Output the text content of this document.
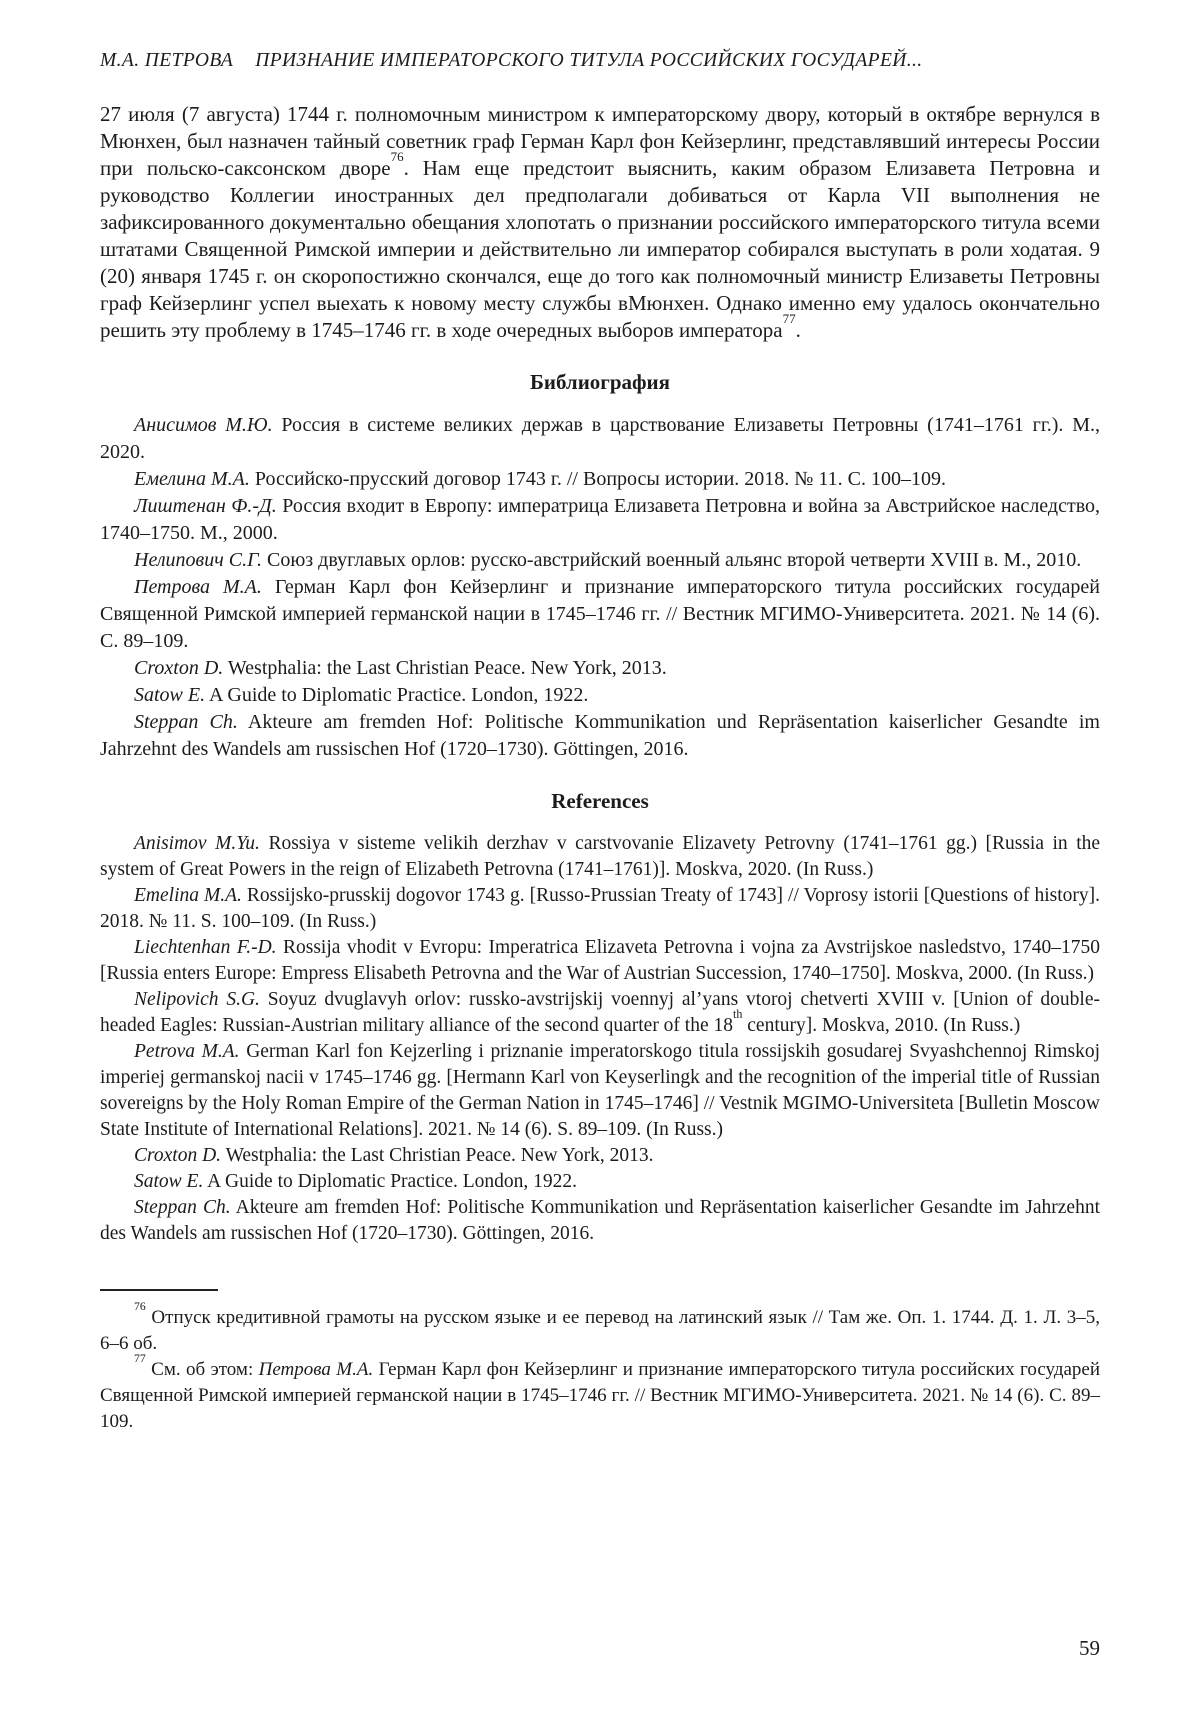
М.А. ПЕТРОВА ПРИЗНАНИЕ ИМПЕРАТОРСКОГО ТИТУЛА РОССИЙСКИХ ГОСУДАРЕЙ...

27 июля (7 августа) 1744 г. полномочным министром к императорскому двору, который в октябре вернулся в Мюнхен, был назначен тайный советник граф Герман Карл фон Кейзерлинг, представлявший интересы России при польско-саксонском дворе$^{76}$. Нам еще предстоит выяснить, каким образом Елизавета Петровна и руководство Коллегии иностранных дел предполагали добиваться от Карла VII выполнения не зафиксированного документально обещания хлопотать о признании российского императорского титула всеми штатами Священной Римской империи и действительно ли император собирался выступать в роли ходатая. 9 (20) января 1745 г. он скоропостижно скончался, еще до того как полномочный министр Елизаветы Петровны граф Кейзерлинг успел выехать к новому месту службы вМюнхен. Однако именно ему удалось окончательно решить эту проблему в 1745–1746 гг. в ходе очередных выборов императора$^{77}$.

Библиография

Анисимов М.Ю. Россия в системе великих держав в царствование Елизаветы Петровны (1741–1761 гг.). М., 2020.

Емелина М.А. Российско-прусский договор 1743 г. // Вопросы истории. 2018. № 11. С. 100–109.

Лиштенан Ф.-Д. Россия входит в Европу: императрица Елизавета Петровна и война за Австрийское наследство, 1740–1750. М., 2000.

Нелипович С.Г. Союз двуглавых орлов: русско-австрийский военный альянс второй четверти XVIII в. М., 2010.

Петрова М.А. Герман Карл фон Кейзерлинг и признание императорского титула российских государей Священной Римской империей германской нации в 1745–1746 гг. // Вестник МГИМО-Университета. 2021. № 14 (6). С. 89–109.

Croxton D. Westphalia: the Last Christian Peace. New York, 2013.

Satow E. A Guide to Diplomatic Practice. London, 1922.

Steppan Ch. Akteure am fremden Hof: Politische Kommunikation und Repräsentation kaiserlicher Gesandte im Jahrzehnt des Wandels am russischen Hof (1720–1730). Göttingen, 2016.

References

Anisimov M.Yu. Rossiya v sisteme velikih derzhav v carstvovanie Elizavety Petrovny (1741–1761 gg.) [Russia in the system of Great Powers in the reign of Elizabeth Petrovna (1741–1761)]. Moskva, 2020. (In Russ.)

Emelina M.A. Rossijsko-prusskij dogovor 1743 g. [Russo-Prussian Treaty of 1743] // Voprosy istorii [Questions of history]. 2018. № 11. S. 100–109. (In Russ.)

Liechtenhan F.-D. Rossija vhodit v Evropu: Imperatrica Elizaveta Petrovna i vojna za Avstrijskoe nasledstvo, 1740–1750 [Russia enters Europe: Empress Elisabeth Petrovna and the War of Austrian Succession, 1740–1750]. Moskva, 2000. (In Russ.)

Nelipovich S.G. Soyuz dvuglavyh orlov: russko-avstrijskij voennyj al’yans vtoroj chetverti XVIII v. [Union of double-headed Eagles: Russian-Austrian military alliance of the second quarter of the 18th century]. Moskva, 2010. (In Russ.)

Petrova M.A. German Karl fon Kejzerling i priznanie imperatorskogo titula rossijskih gosudarej Svyashchennoj Rimskoj imperiej germanskoj nacii v 1745–1746 gg. [Hermann Karl von Keyserlingk and the recognition of the imperial title of Russian sovereigns by the Holy Roman Empire of the German Nation in 1745–1746] // Vestnik MGIMO-Universiteta [Bulletin Moscow State Institute of International Relations]. 2021. № 14 (6). S. 89–109. (In Russ.)

Croxton D. Westphalia: the Last Christian Peace. New York, 2013.

Satow E. A Guide to Diplomatic Practice. London, 1922.

Steppan Ch. Akteure am fremden Hof: Politische Kommunikation und Repräsentation kaiserlicher Gesandte im Jahrzehnt des Wandels am russischen Hof (1720–1730). Göttingen, 2016.

$^{76}$ Отпуск кредитивной грамоты на русском языке и ее перевод на латинский язык // Там же. Оп. 1. 1744. Д. 1. Л. 3–5, 6–6 об.

$^{77}$ См. об этом: Петрова М.А. Герман Карл фон Кейзерлинг и признание императорского титула российских государей Священной Римской империей германской нации в 1745–1746 гг. // Вестник МГИМО-Университета. 2021. № 14 (6). С. 89–109.

59
